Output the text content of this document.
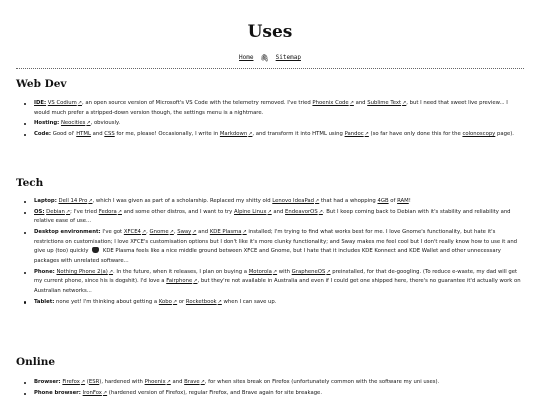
Uses
Home 🖇 Sitemap
Web Dev
IDE: VS Codium↗, an open source version of Microsoft's VS Code with the telemetry removed. I've tried Phoenix Code↗ and Sublime Text↗, but I need that sweet live preview... I would much prefer a stripped-down version though, the settings menu is a nightmare.
Hosting: Neocities↗, obviously.
Code: Good ol' HTML and CSS for me, please! Occasionally, I write in Markdown↗, and transform it into HTML using Pandoc↗ (so far have only done this for the colonoscopy page).
Tech
Laptop: Dell 14 Pro↗, which I was given as part of a scholarship. Replaced my shitty old Lenovo IdeaPad↗ that had a whopping 4GB of RAM!
OS: Debian↗; I've tried Fedora↗ and some other distros, and I want to try Alpine Linux↗ and EndeavorOS↗. But I keep coming back to Debian with it's stability and reliability and relative ease of use...
Desktop environment: I've got XFCE4↗, Gnome↗, Sway↗ and KDE Plasma↗ installed; I'm trying to find what works best for me. I love Gnome's functionality, but hate it's restrictions on customisation; I love XFCE's customisation options but I don't like it's more clunky functionality; and Sway makes me feel cool but I don't really know how to use it and give up (too) quickly  KDE Plasma feels like a nice middle ground between XFCE and Gnome, but I hate that it includes KDE Konnect and KDE Wallet and other unnecessary packages with unrelated software...
Phone: Nothing Phone 2(a)↗. In the future, when it releases, I plan on buying a Motorola↗ with GrapheneOS↗ preinstalled, for that de-googling. (To reduce e-waste, my dad will get my current phone, since his is dogshit). I'd love a Fairphone↗, but they're not available in Australia and even if I could get one shipped here, there's no guarantee it'd actually work on Australian networks...
Tablet: none yet! I'm thinking about getting a Kobo↗ or Rocketbook↗ when I can save up.
Online
Browser: Firefox↗ (ESR), hardened with Phoenix↗ and Brave↗, for when sites break on Firefox (unfortunately common with the software my uni uses).
Phone browser: IronFox↗ (hardened version of Firefox), regular Firefox, and Brave again for site breakage.
